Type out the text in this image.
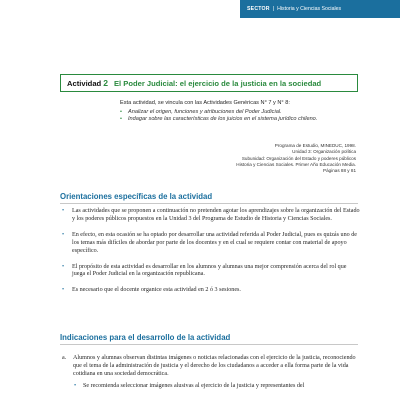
SECTOR | Historia y Ciencias Sociales
Actividad 2 El Poder Judicial: el ejercicio de la justicia en la sociedad

Esta actividad, se vincula con las Actividades Genéricas N° 7 y N° 8:

• Analizar el origen, funciones y atribuciones del Poder Judicial.
• Indagar sobre las características de los juicios en el sistema jurídico chileno.
Programa de Estudio, MINEDUC, 1998.
Unidad 3: Organización política
Subunidad: Organización del Estado y poderes públicos
Historia y Ciencias Sociales. Primer Año Educación Media.
Páginas 88 y 81
Orientaciones específicas de la actividad
• Las actividades que se proponen a continuación no pretenden agotar los aprendizajes sobre la organización del Estado y los poderes públicos propuestos en la Unidad 3 del Programa de Estudio de Historia y Ciencias Sociales.
• En efecto, en esta ocasión se ha optado por desarrollar una actividad referida al Poder Judicial, pues es quizás uno de los temas más difíciles de abordar por parte de los docentes y en el cual se requiere contar con material de apoyo específico.
• El propósito de esta actividad es desarrollar en los alumnos y alumnas una mejor comprensión acerca del rol que juega el Poder Judicial en la organización republicana.
• Es necesario que el docente organice esta actividad en 2 ó 3 sesiones.
Indicaciones para el desarrollo de la actividad
a. Alumnos y alumnas observan distintas imágenes o noticias relacionadas con el ejercicio de la justicia, reconociendo que el tema de la administración de justicia y el derecho de los ciudadanos a acceder a ella forma parte de la vida cotidiana en una sociedad democrática.
• Se recomienda seleccionar imágenes alusivas al ejercicio de la justicia y representantes del
